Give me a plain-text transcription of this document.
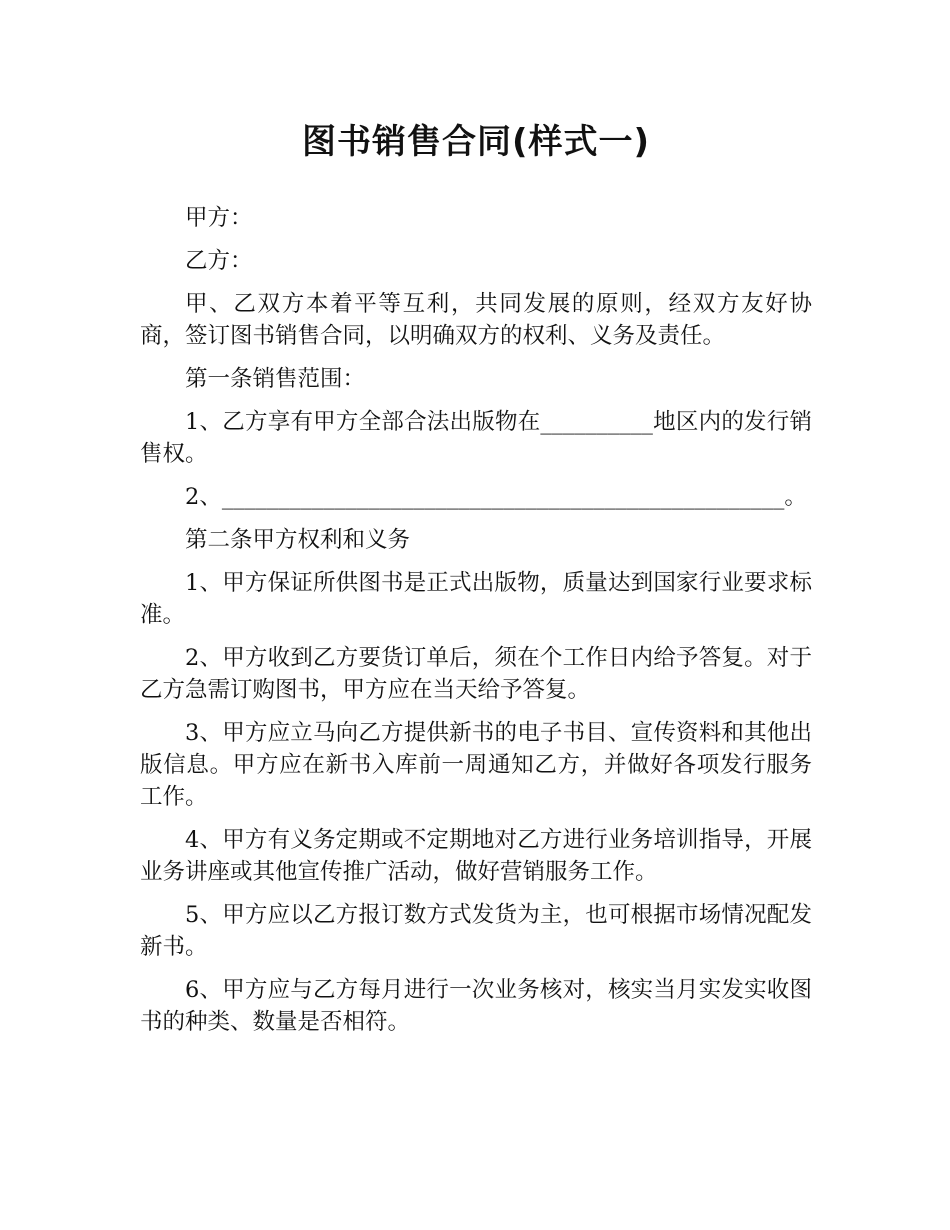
图书销售合同(样式一)

甲方：

乙方：

甲、乙双方本着平等互利，共同发展的原则，经双方友好协商，签订图书销售合同，以明确双方的权利、义务及责任。

第一条销售范围：

1、乙方享有甲方全部合法出版物在__________地区内的发行销售权。

2、__________________________________________________。

第二条甲方权利和义务

1、甲方保证所供图书是正式出版物，质量达到国家行业要求标准。

2、甲方收到乙方要货订单后，须在个工作日内给予答复。对于乙方急需订购图书，甲方应在当天给予答复。

3、甲方应立马向乙方提供新书的电子书目、宣传资料和其他出版信息。甲方应在新书入库前一周通知乙方，并做好各项发行服务工作。

4、甲方有义务定期或不定期地对乙方进行业务培训指导，开展业务讲座或其他宣传推广活动，做好营销服务工作。

5、甲方应以乙方报订数方式发货为主，也可根据市场情况配发新书。

6、甲方应与乙方每月进行一次业务核对，核实当月实发实收图书的种类、数量是否相符。
